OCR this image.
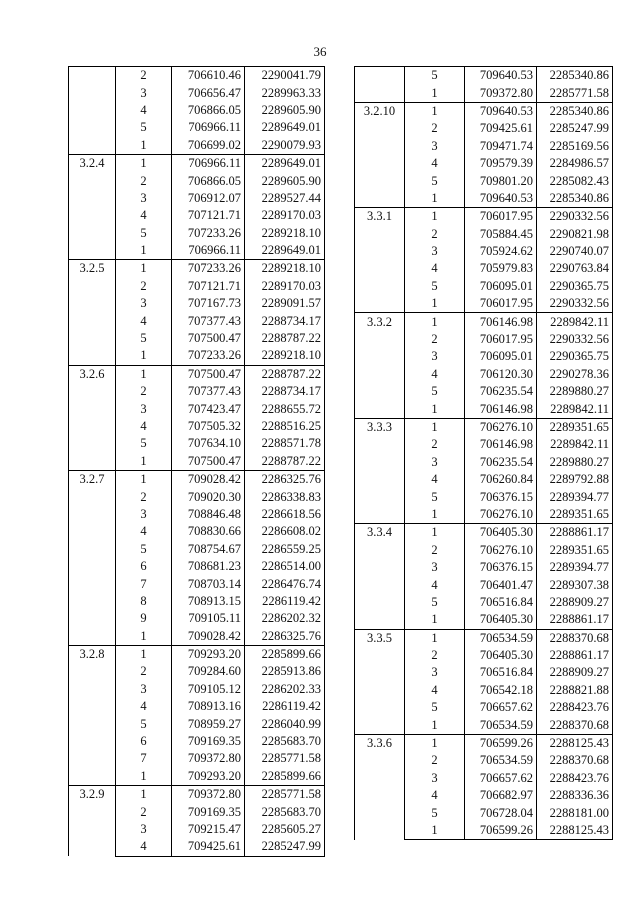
36
	2	706610.46	2290041.79
	3	706656.47	2289963.33
	4	706866.05	2289605.90
	5	706966.11	2289649.01
	1	706699.02	2290079.93
3.2.4	1	706966.11	2289649.01
	2	706866.05	2289605.90
	3	706912.07	2289527.44
	4	707121.71	2289170.03
	5	707233.26	2289218.10
	1	706966.11	2289649.01
3.2.5	1	707233.26	2289218.10
	2	707121.71	2289170.03
	3	707167.73	2289091.57
	4	707377.43	2288734.17
	5	707500.47	2288787.22
	1	707233.26	2289218.10
3.2.6	1	707500.47	2288787.22
	2	707377.43	2288734.17
	3	707423.47	2288655.72
	4	707505.32	2288516.25
	5	707634.10	2288571.78
	1	707500.47	2288787.22
3.2.7	1	709028.42	2286325.76
	2	709020.30	2286338.83
	3	708846.48	2286618.56
	4	708830.66	2286608.02
	5	708754.67	2286559.25
	6	708681.23	2286514.00
	7	708703.14	2286476.74
	8	708913.15	2286119.42
	9	709105.11	2286202.32
	1	709028.42	2286325.76
3.2.8	1	709293.20	2285899.66
	2	709284.60	2285913.86
	3	709105.12	2286202.33
	4	708913.16	2286119.42
	5	708959.27	2286040.99
	6	709169.35	2285683.70
	7	709372.80	2285771.58
	1	709293.20	2285899.66
3.2.9	1	709372.80	2285771.58
	2	709169.35	2285683.70
	3	709215.47	2285605.27
	4	709425.61	2285247.99
	5	709640.53	2285340.86
	1	709372.80	2285771.58
3.2.10	1	709640.53	2285340.86
	2	709425.61	2285247.99
	3	709471.74	2285169.56
	4	709579.39	2284986.57
	5	709801.20	2285082.43
	1	709640.53	2285340.86
3.3.1	1	706017.95	2290332.56
	2	705884.45	2290821.98
	3	705924.62	2290740.07
	4	705979.83	2290763.84
	5	706095.01	2290365.75
	1	706017.95	2290332.56
3.3.2	1	706146.98	2289842.11
	2	706017.95	2290332.56
	3	706095.01	2290365.75
	4	706120.30	2290278.36
	5	706235.54	2289880.27
	1	706146.98	2289842.11
3.3.3	1	706276.10	2289351.65
	2	706146.98	2289842.11
	3	706235.54	2289880.27
	4	706260.84	2289792.88
	5	706376.15	2289394.77
	1	706276.10	2289351.65
3.3.4	1	706405.30	2288861.17
	2	706276.10	2289351.65
	3	706376.15	2289394.77
	4	706401.47	2289307.38
	5	706516.84	2288909.27
	1	706405.30	2288861.17
3.3.5	1	706534.59	2288370.68
	2	706405.30	2288861.17
	3	706516.84	2288909.27
	4	706542.18	2288821.88
	5	706657.62	2288423.76
	1	706534.59	2288370.68
3.3.6	1	706599.26	2288125.43
	2	706534.59	2288370.68
	3	706657.62	2288423.76
	4	706682.97	2288336.36
	5	706728.04	2288181.00
	1	706599.26	2288125.43
